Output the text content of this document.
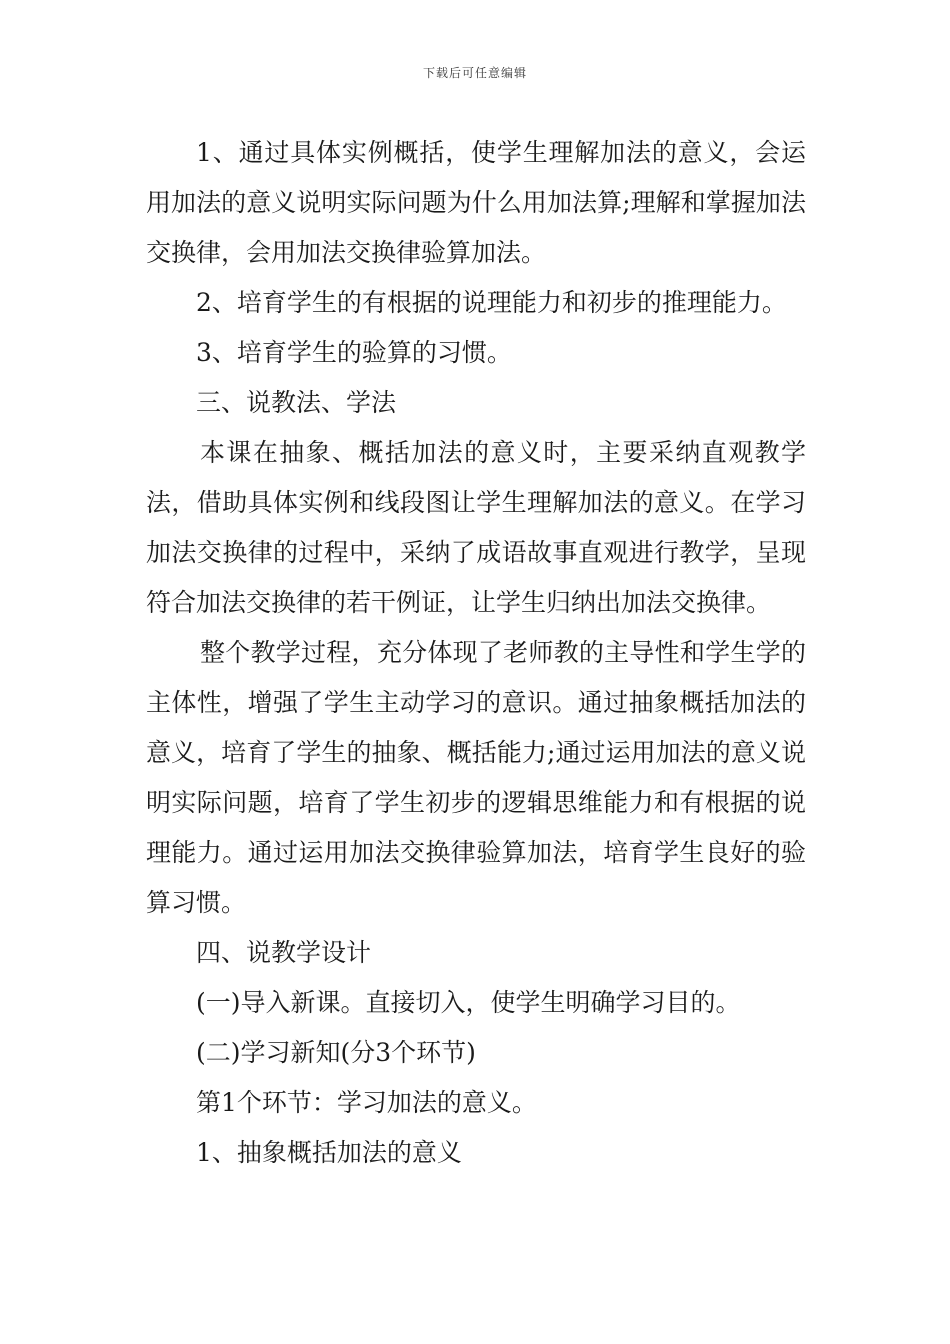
下载后可任意编辑

1、通过具体实例概括，使学生理解加法的意义，会运用加法的意义说明实际问题为什么用加法算;理解和掌握加法交换律，会用加法交换律验算加法。

2、培育学生的有根据的说理能力和初步的推理能力。

3、培育学生的验算的习惯。

三、说教法、学法

本课在抽象、概括加法的意义时，主要采纳直观教学法，借助具体实例和线段图让学生理解加法的意义。在学习加法交换律的过程中，采纳了成语故事直观进行教学，呈现符合加法交换律的若干例证，让学生归纳出加法交换律。

整个教学过程，充分体现了老师教的主导性和学生学的主体性，增强了学生主动学习的意识。通过抽象概括加法的意义，培育了学生的抽象、概括能力;通过运用加法的意义说明实际问题，培育了学生初步的逻辑思维能力和有根据的说理能力。通过运用加法交换律验算加法，培育学生良好的验算习惯。

四、说教学设计

(一)导入新课。直接切入，使学生明确学习目的。

(二)学习新知(分3个环节)

第1个环节：学习加法的意义。

1、抽象概括加法的意义
